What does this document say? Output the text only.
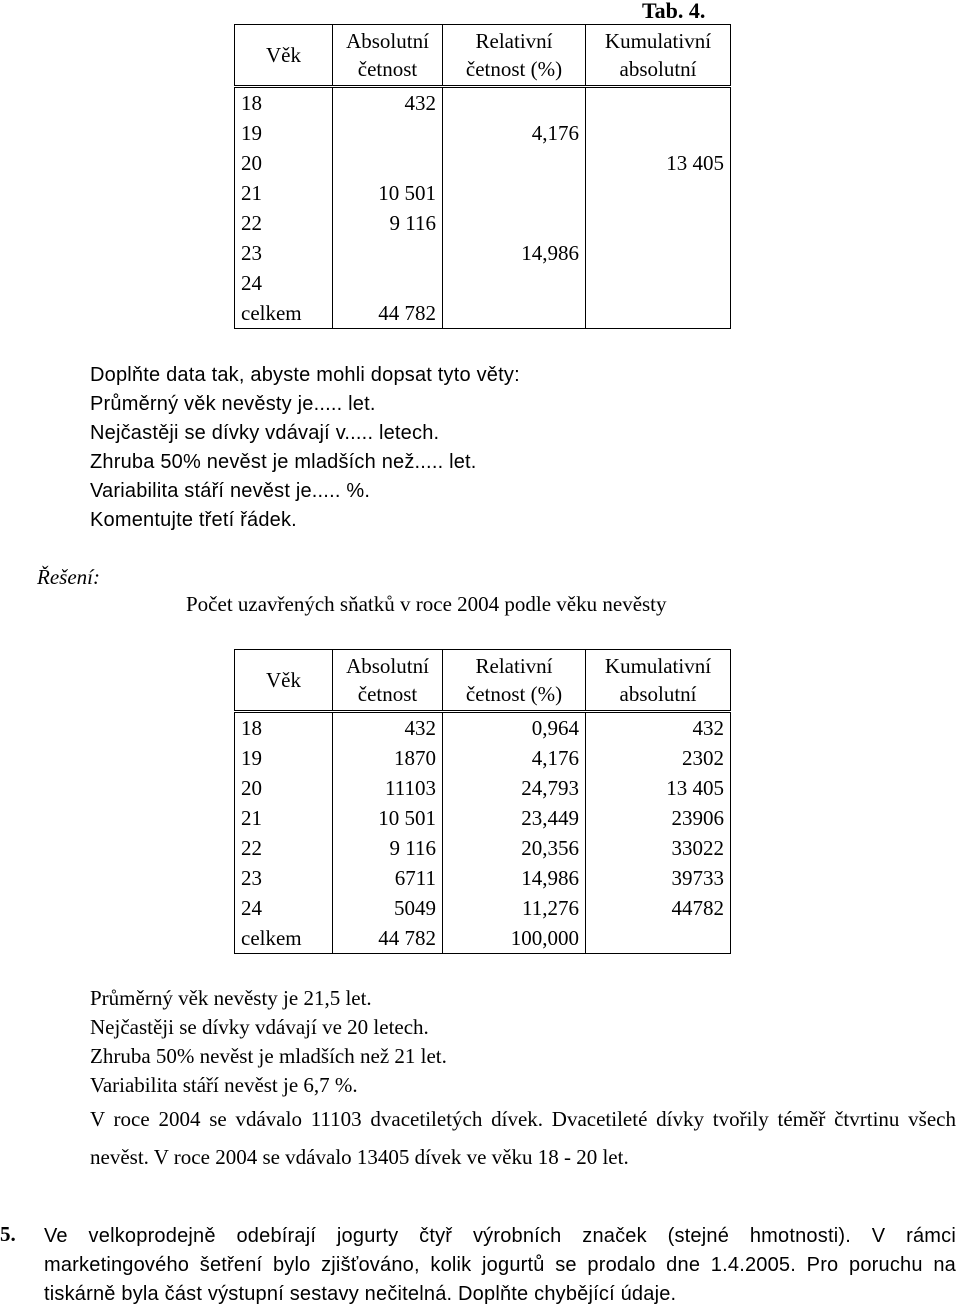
Tab. 4.
Věk	Absolutní četnost	Relativní četnost (%)	Kumulativní absolutní
18	432		
19		4,176	
20			13 405
21	10 501		
22	9 116		
23		14,986	
24			
celkem	44 782		
Doplňte data tak, abyste mohli dopsat tyto věty:
Průměrný věk nevěsty je..... let.
Nejčastěji se dívky vdávají v..... letech.
Zhruba 50% nevěst je mladších než..... let.
Variabilita stáří nevěst je..... %.
Komentujte třetí řádek.
Řešení:
Počet uzavřených sňatků v roce 2004 podle věku nevěsty
Věk	Absolutní četnost	Relativní četnost (%)	Kumulativní absolutní
18	432	0,964	432
19	1870	4,176	2302
20	11103	24,793	13 405
21	10 501	23,449	23906
22	9 116	20,356	33022
23	6711	14,986	39733
24	5049	11,276	44782
celkem	44 782	100,000	
Průměrný věk nevěsty je 21,5 let.
Nejčastěji se dívky vdávají ve 20 letech.
Zhruba 50% nevěst je mladších než 21 let.
Variabilita stáří nevěst je 6,7 %.
V roce 2004 se vdávalo 11103 dvacetiletých dívek. Dvacetileté dívky tvořily téměř čtvrtinu všech nevěst. V roce 2004 se vdávalo 13405 dívek ve věku 18 - 20 let.
5. Ve velkoprodejně odebírají jogurty čtyř výrobních značek (stejné hmotnosti). V rámci marketingového šetření bylo zjišťováno, kolik jogurtů se prodalo dne 1.4.2005. Pro poruchu na tiskárně byla část výstupní sestavy nečitelná. Doplňte chybějící údaje.
